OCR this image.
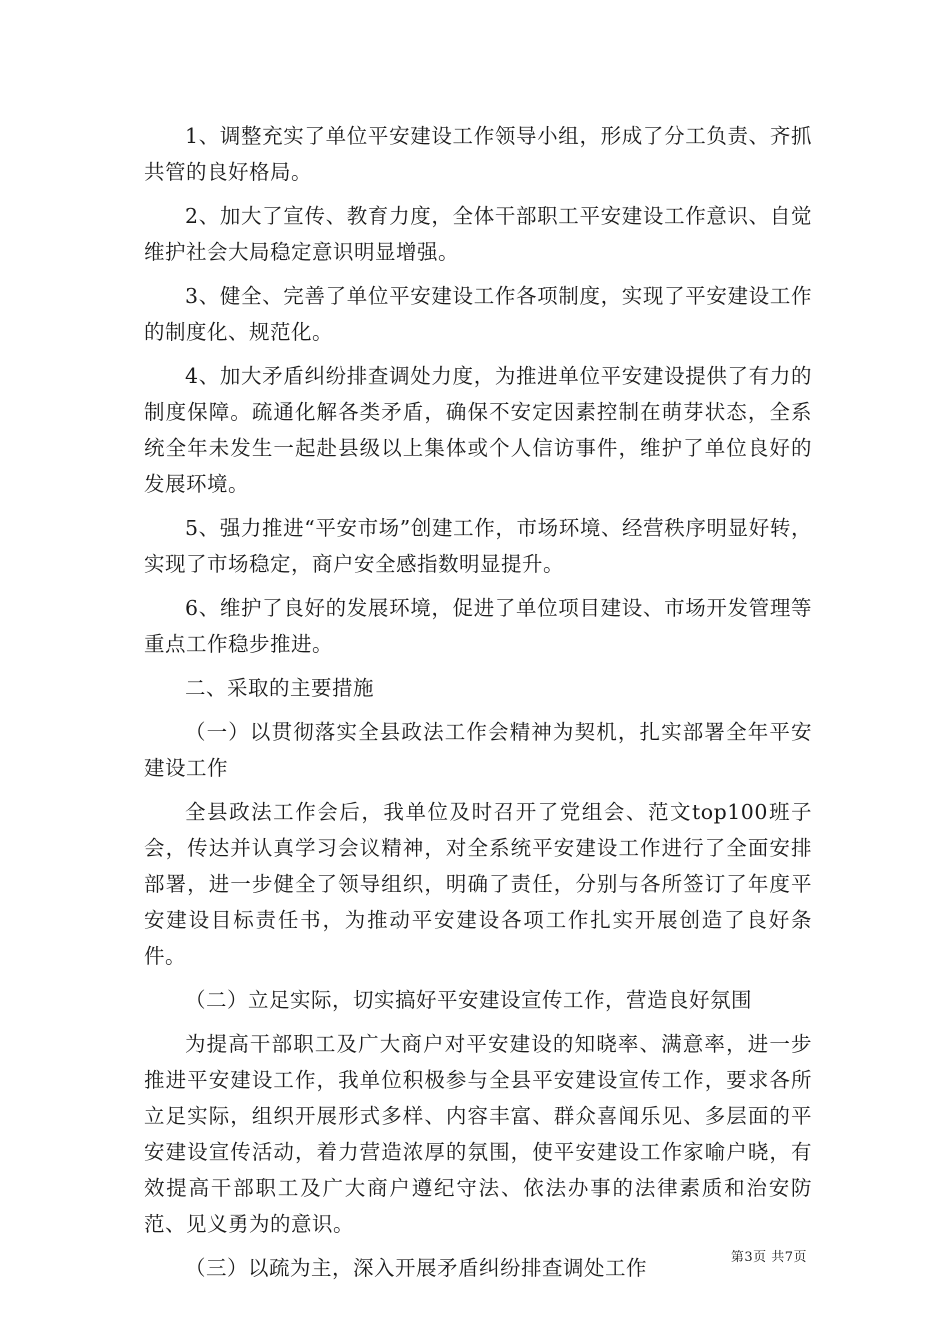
1、调整充实了单位平安建设工作领导小组，形成了分工负责、齐抓共管的良好格局。

2、加大了宣传、教育力度，全体干部职工平安建设工作意识、自觉维护社会大局稳定意识明显增强。

3、健全、完善了单位平安建设工作各项制度，实现了平安建设工作的制度化、规范化。

4、加大矛盾纠纷排查调处力度，为推进单位平安建设提供了有力的制度保障。疏通化解各类矛盾，确保不安定因素控制在萌芽状态，全系统全年未发生一起赴县级以上集体或个人信访事件，维护了单位良好的发展环境。

5、强力推进“平安市场”创建工作，市场环境、经营秩序明显好转，实现了市场稳定，商户安全感指数明显提升。

6、维护了良好的发展环境，促进了单位项目建设、市场开发管理等重点工作稳步推进。

二、采取的主要措施

（一）以贯彻落实全县政法工作会精神为契机，扎实部署全年平安建设工作

全县政法工作会后，我单位及时召开了党组会、范文top100班子会，传达并认真学习会议精神，对全系统平安建设工作进行了全面安排部署，进一步健全了领导组织，明确了责任，分别与各所签订了年度平安建设目标责任书，为推动平安建设各项工作扎实开展创造了良好条件。

（二）立足实际，切实搞好平安建设宣传工作，营造良好氛围

为提高干部职工及广大商户对平安建设的知晓率、满意率，进一步推进平安建设工作，我单位积极参与全县平安建设宣传工作，要求各所立足实际，组织开展形式多样、内容丰富、群众喜闻乐见、多层面的平安建设宣传活动，着力营造浓厚的氛围，使平安建设工作家喻户晓，有效提高干部职工及广大商户遵纪守法、依法办事的法律素质和治安防范、见义勇为的意识。

（三）以疏为主，深入开展矛盾纠纷排查调处工作	第3页 共7页
